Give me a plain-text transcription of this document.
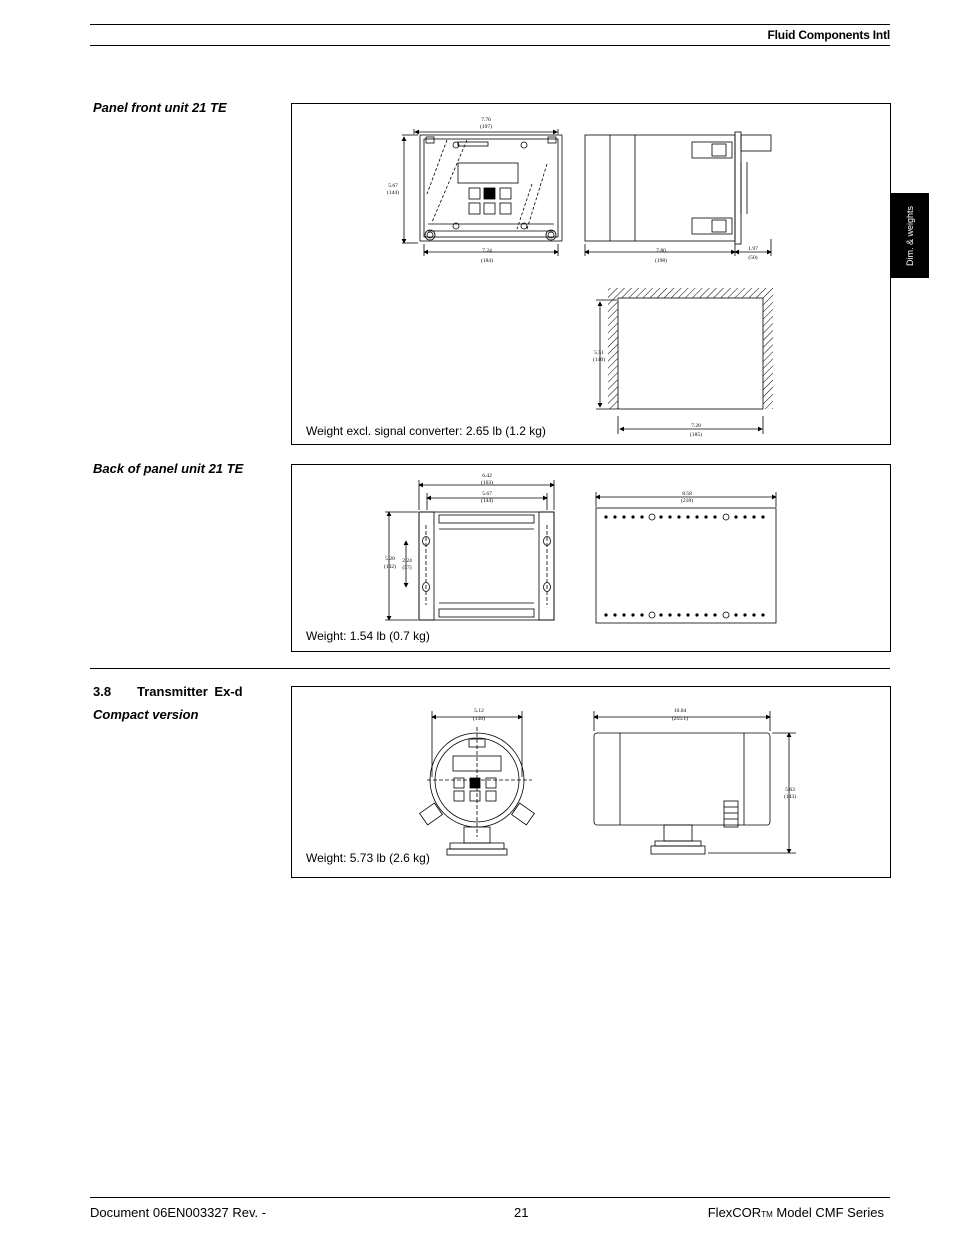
Fluid Components Intl
Dim. & weights
Panel front unit 21 TE
Back of panel unit 21 TE
3.8 Transmitter Ex-d
Compact version
7.76
(197)
5.67
(144)
7.24
(184)
7.80
(198)
1.97
(50)
5.51
(140)
7.28
(185)
Weight excl. signal converter: 2.65 lb (1.2 kg)
6.42
(163)
5.67
(144)
5.20
(132)
2.24
(57)
8.58
(218)
Weight: 1.54 lb (0.7 kg)
5.12
(130)
10.04
(255.1)
5.63
(143)
Weight: 5.73 lb (2.6 kg)
Document 06EN003327 Rev. -	21	FlexCORTM Model CMF Series
